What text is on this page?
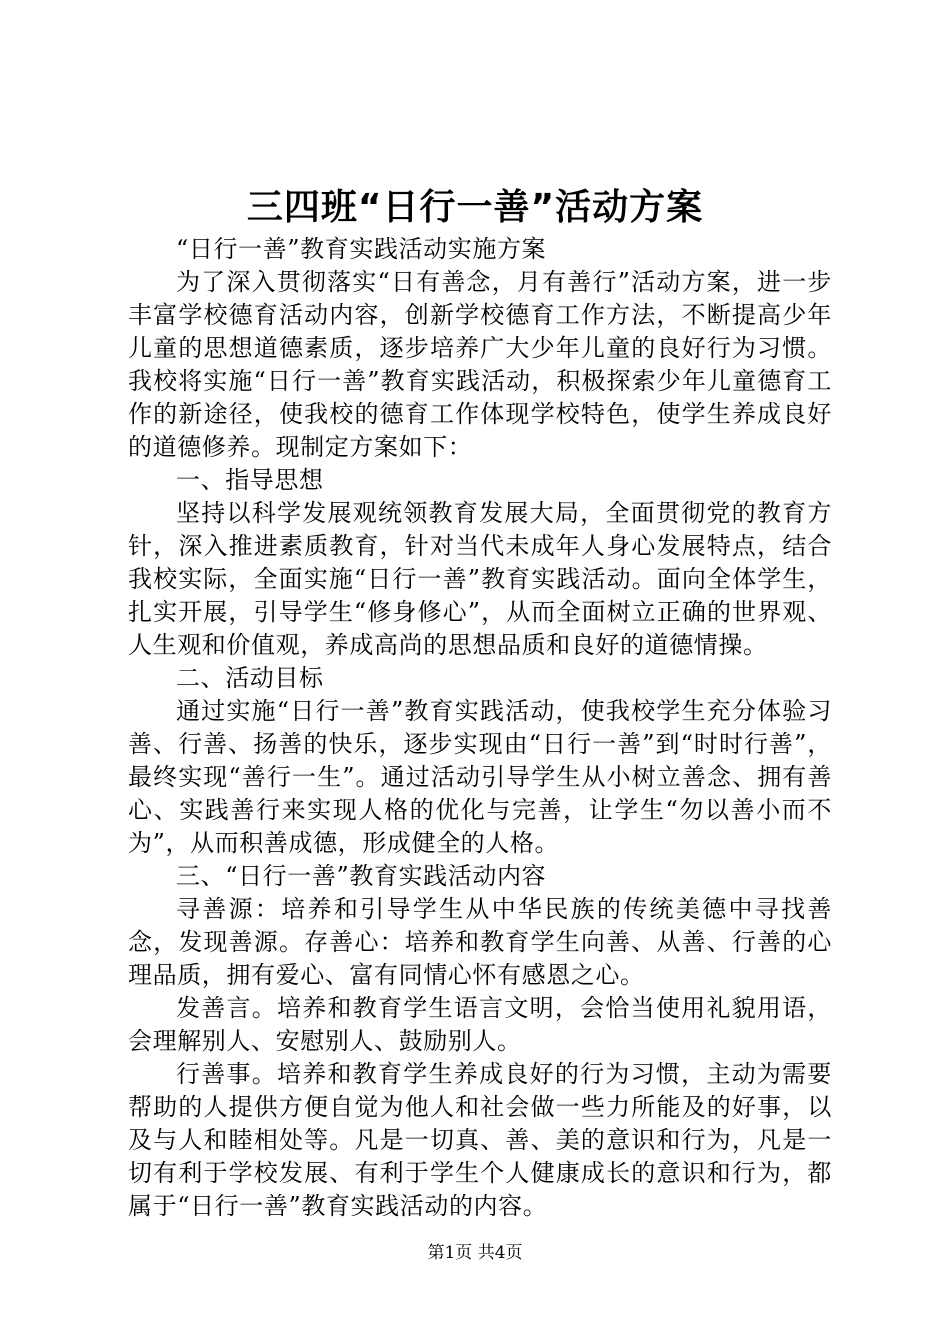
三四班“日行一善”活动方案

“日行一善”教育实践活动实施方案

为了深入贯彻落实“日有善念，月有善行”活动方案，进一步丰富学校德育活动内容，创新学校德育工作方法，不断提高少年儿童的思想道德素质，逐步培养广大少年儿童的良好行为习惯。我校将实施“日行一善”教育实践活动，积极探索少年儿童德育工作的新途径，使我校的德育工作体现学校特色，使学生养成良好的道德修养。现制定方案如下：

一、指导思想

坚持以科学发展观统领教育发展大局，全面贯彻党的教育方针，深入推进素质教育，针对当代未成年人身心发展特点，结合我校实际，全面实施“日行一善”教育实践活动。面向全体学生，扎实开展，引导学生“修身修心”，从而全面树立正确的世界观、人生观和价值观，养成高尚的思想品质和良好的道德情操。

二、活动目标

通过实施“日行一善”教育实践活动，使我校学生充分体验习善、行善、扬善的快乐，逐步实现由“日行一善”到“时时行善”，最终实现“善行一生”。通过活动引导学生从小树立善念、拥有善心、实践善行来实现人格的优化与完善，让学生“勿以善小而不为”，从而积善成德，形成健全的人格。

三、“日行一善”教育实践活动内容

寻善源：培养和引导学生从中华民族的传统美德中寻找善念，发现善源。存善心：培养和教育学生向善、从善、行善的心理品质，拥有爱心、富有同情心怀有感恩之心。

发善言。培养和教育学生语言文明，会恰当使用礼貌用语，会理解别人、安慰别人、鼓励别人。

行善事。培养和教育学生养成良好的行为习惯，主动为需要帮助的人提供方便自觉为他人和社会做一些力所能及的好事，以及与人和睦相处等。凡是一切真、善、美的意识和行为，凡是一切有利于学校发展、有利于学生个人健康成长的意识和行为，都属于“日行一善”教育实践活动的内容。

第1页 共4页
